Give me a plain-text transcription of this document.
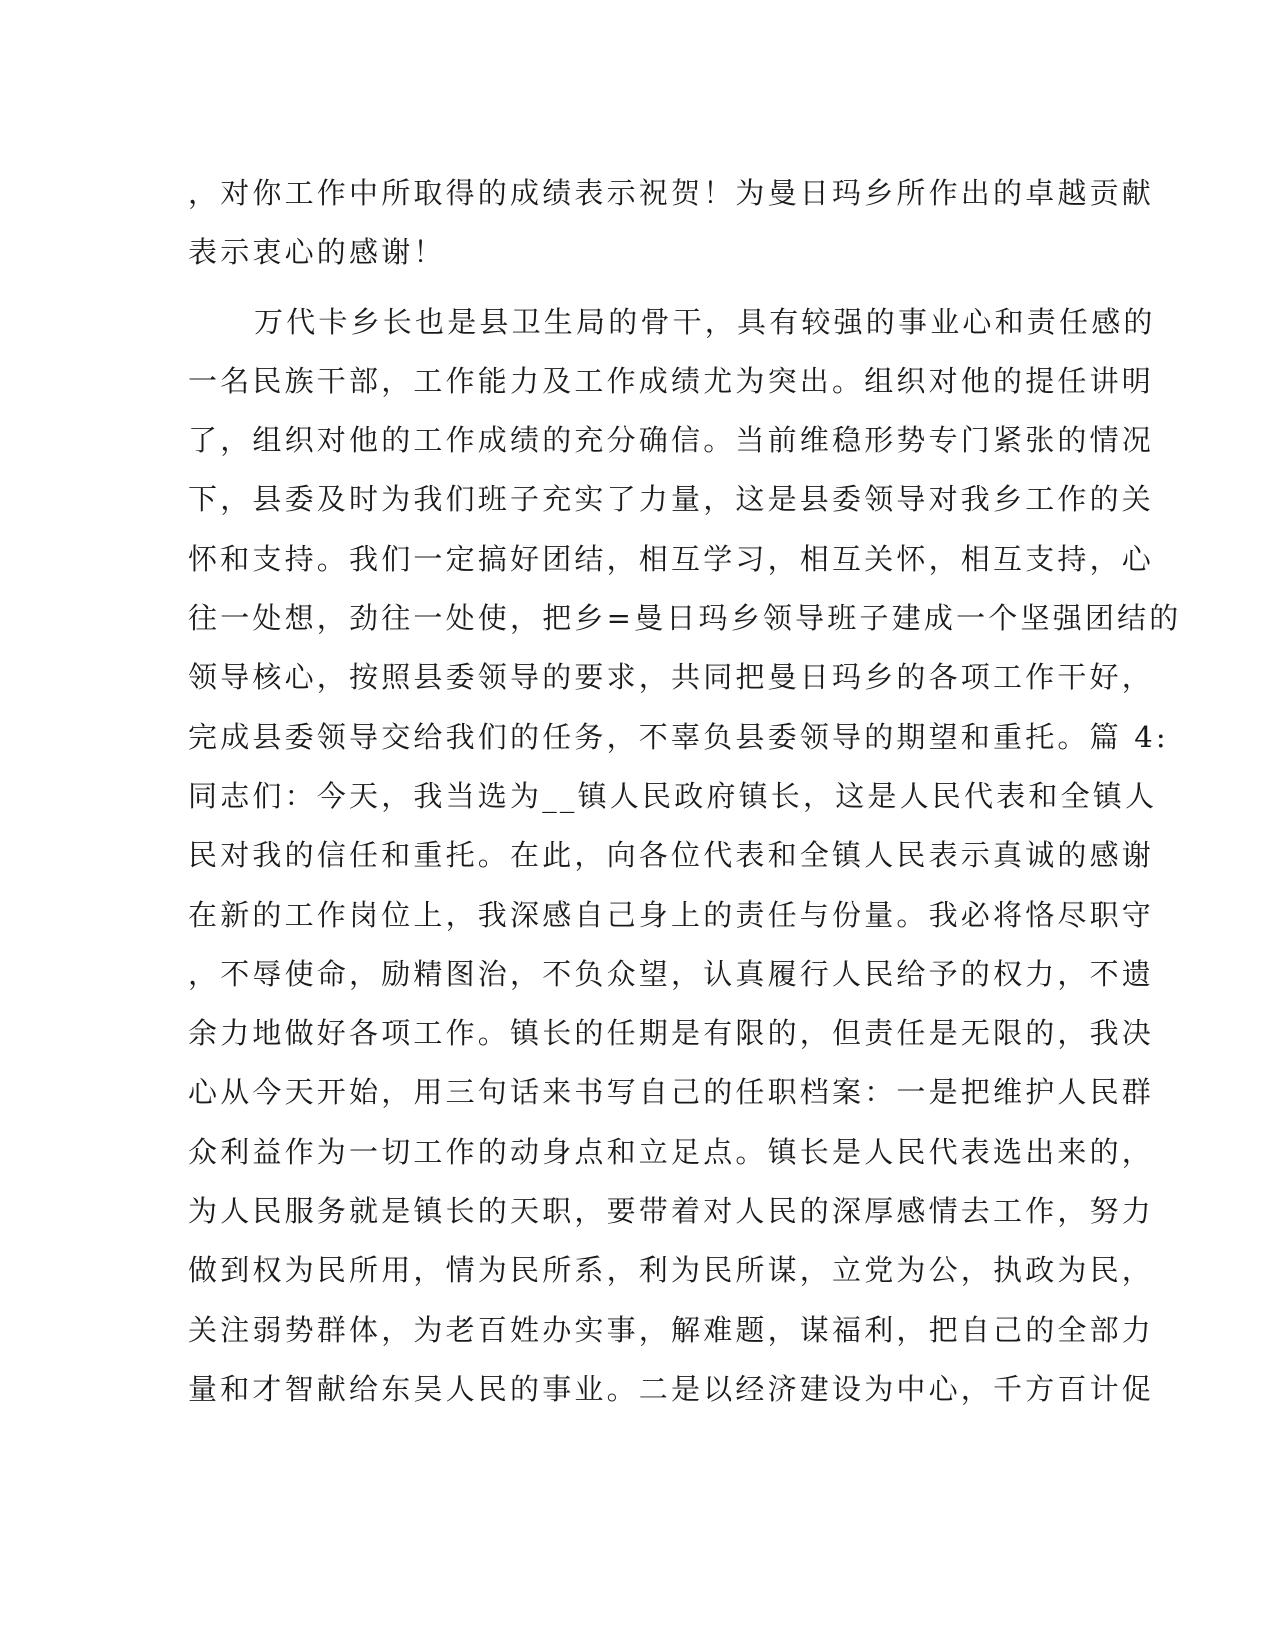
，对你工作中所取得的成绩表示祝贺！为曼日玛乡所作出的卓越贡献
表示衷心的感谢！
万代卡乡长也是县卫生局的骨干，具有较强的事业心和责任感的
一名民族干部，工作能力及工作成绩尤为突出。组织对他的提任讲明
了，组织对他的工作成绩的充分确信。当前维稳形势专门紧张的情况
下，县委及时为我们班子充实了力量，这是县委领导对我乡工作的关
怀和支持。我们一定搞好团结，相互学习，相互关怀，相互支持，心
往一处想，劲往一处使，把乡=曼日玛乡领导班子建成一个坚强团结的
领导核心，按照县委领导的要求，共同把曼日玛乡的各项工作干好，
完成县委领导交给我们的任务，不辜负县委领导的期望和重托。篇 4:
同志们：今天，我当选为__镇人民政府镇长，这是人民代表和全镇人
民对我的信任和重托。在此，向各位代表和全镇人民表示真诚的感谢
在新的工作岗位上，我深感自己身上的责任与份量。我必将恪尽职守
，不辱使命，励精图治，不负众望，认真履行人民给予的权力，不遗
余力地做好各项工作。镇长的任期是有限的，但责任是无限的，我决
心从今天开始，用三句话来书写自己的任职档案：一是把维护人民群
众利益作为一切工作的动身点和立足点。镇长是人民代表选出来的，
为人民服务就是镇长的天职，要带着对人民的深厚感情去工作，努力
做到权为民所用，情为民所系，利为民所谋，立党为公，执政为民，
关注弱势群体，为老百姓办实事，解难题，谋福利，把自己的全部力
量和才智献给东吴人民的事业。二是以经济建设为中心，千方百计促
